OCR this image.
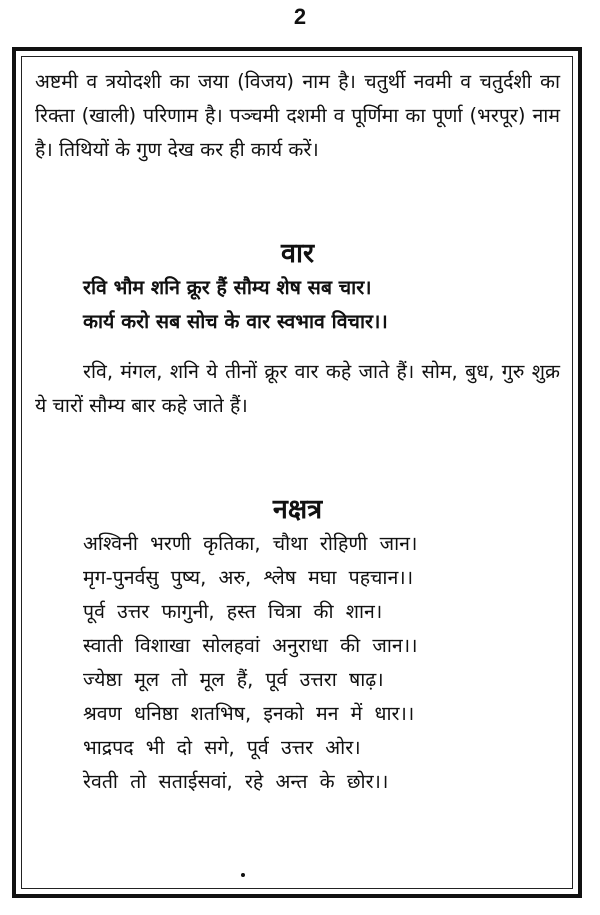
2

अष्टमी व त्रयोदशी का जया (विजय) नाम है। चतुर्थी नवमी व चतुर्दशी का रिक्ता (खाली) परिणाम है। पञ्चमी दशमी व पूर्णिमा का पूर्णा (भरपूर) नाम है। तिथियों के गुण देख कर ही कार्य करें।

वार

रवि भौम शनि क्रूर हैं सौम्य शेष सब चार।
कार्य करो सब सोच के वार स्वभाव विचार।।

रवि, मंगल, शनि ये तीनों क्रूर वार कहे जाते हैं। सोम, बुध, गुरु शुक्र ये चारों सौम्य बार कहे जाते हैं।

नक्षत्र

अश्विनी भरणी कृतिका, चौथा रोहिणी जान।
मृग-पुनर्वसु पुष्य, अरु, श्लेष मघा पहचान।।
पूर्व उत्तर फागुनी, हस्त चित्रा की शान।
स्वाती विशाखा सोलहवां अनुराधा की जान।।
ज्येष्ठा मूल तो मूल हैं, पूर्व उत्तरा षाढ़।
श्रवण धनिष्ठा शतभिष, इनको मन में धार।।
भाद्रपद भी दो सगे, पूर्व उत्तर ओर।
रेवती तो सताईसवां, रहे अन्त के छोर।।
